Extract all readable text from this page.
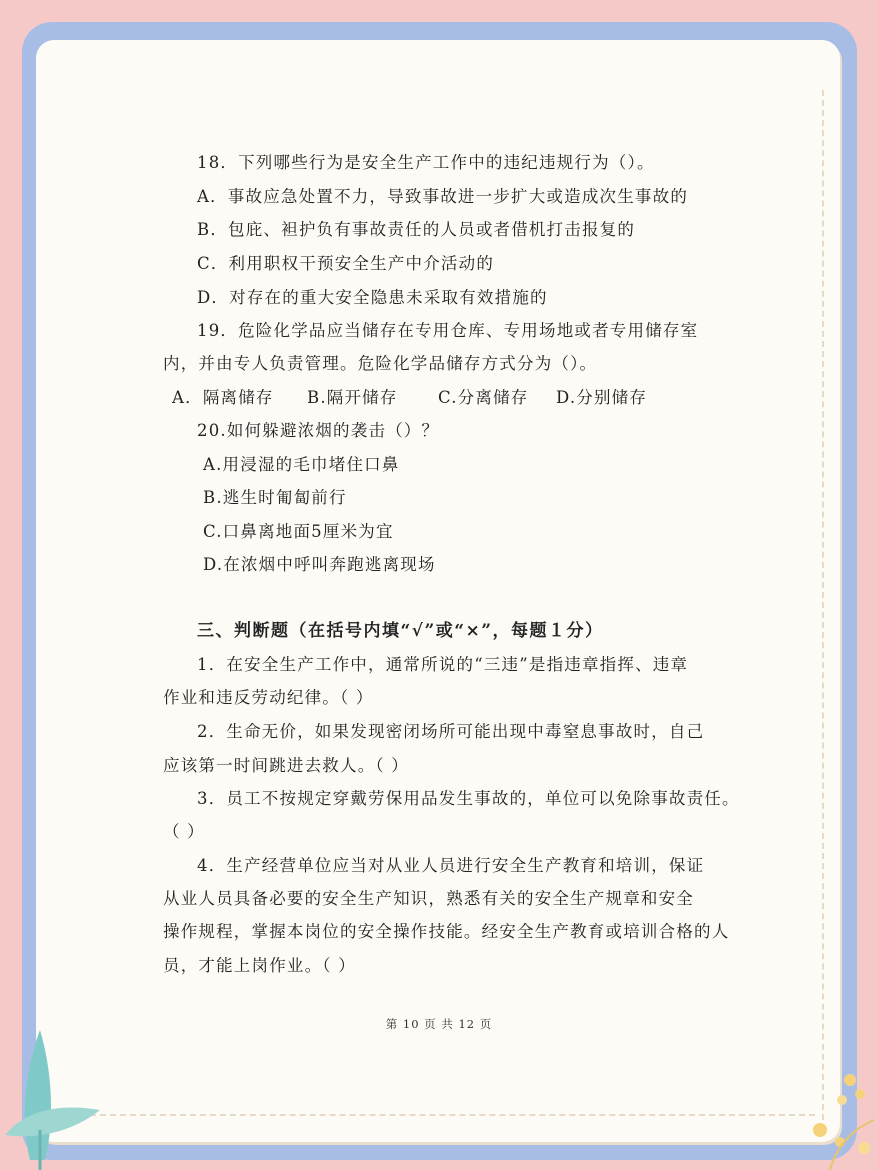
18．下列哪些行为是安全生产工作中的违纪违规行为（）。

A．事故应急处置不力，导致事故进一步扩大或造成次生事故的

B．包庇、袒护负有事故责任的人员或者借机打击报复的

C．利用职权干预安全生产中介活动的

D．对存在的重大安全隐患未采取有效措施的

19．危险化学品应当储存在专用仓库、专用场地或者专用储存室

内，并由专人负责管理。危险化学品储存方式分为（）。

A．隔离储存 B.隔开储存 C.分离储存 D.分别储存

20.如何躲避浓烟的袭击（）？

A.用浸湿的毛巾堵住口鼻

B.逃生时匍匐前行

C.口鼻离地面5厘米为宜

D.在浓烟中呼叫奔跑逃离现场

三、判断题（在括号内填“√”或“×”，每题１分）

1．在安全生产工作中，通常所说的“三违”是指违章指挥、违章

作业和违反劳动纪律。（ ）

2．生命无价，如果发现密闭场所可能出现中毒窒息事故时，自己

应该第一时间跳进去救人。（ ）

3．员工不按规定穿戴劳保用品发生事故的，单位可以免除事故责任。

（ ）

4．生产经营单位应当对从业人员进行安全生产教育和培训，保证

从业人员具备必要的安全生产知识，熟悉有关的安全生产规章和安全

操作规程，掌握本岗位的安全操作技能。经安全生产教育或培训合格的人

员，才能上岗作业。（ ）

第 10 页 共 12 页
